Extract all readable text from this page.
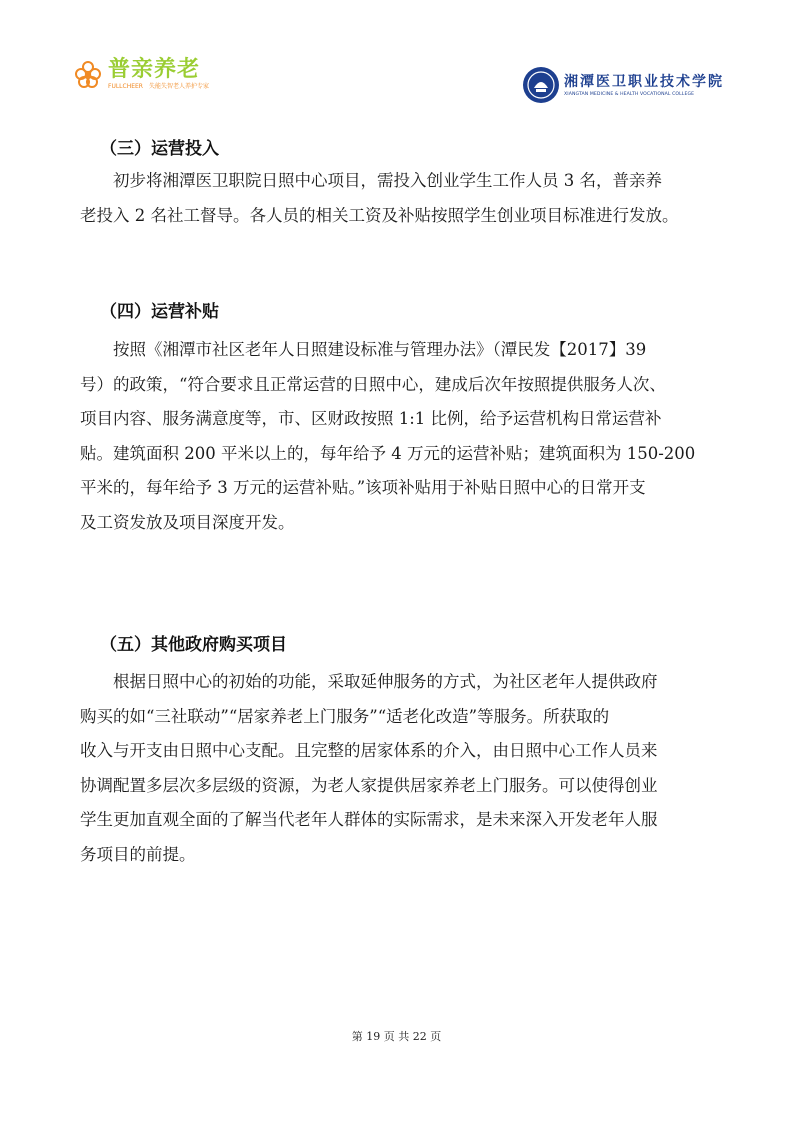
普亲养老
FULLCHEER 失能失智老人养护专家	湘潭医卫职业技术学院
XIANGTAN MEDICINE & HEALTH VOCATIONAL COLLEGE
（三）运营投入
初步将湘潭医卫职院日照中心项目，需投入创业学生工作人员 3 名，普亲养
老投入 2 名社工督导。各人员的相关工资及补贴按照学生创业项目标准进行发放。
（四）运营补贴
按照《湘潭市社区老年人日照建设标准与管理办法》（潭民发【2017】39
号）的政策，“符合要求且正常运营的日照中心，建成后次年按照提供服务人次、
项目内容、服务满意度等，市、区财政按照 1:1 比例，给予运营机构日常运营补
贴。建筑面积 200 平米以上的，每年给予 4 万元的运营补贴；建筑面积为 150-200
平米的，每年给予 3 万元的运营补贴。”该项补贴用于补贴日照中心的日常开支
及工资发放及项目深度开发。
（五）其他政府购买项目
根据日照中心的初始的功能，采取延伸服务的方式，为社区老年人提供政府
购买的如“三社联动”“居家养老上门服务”“适老化改造”等服务。所获取的
收入与开支由日照中心支配。且完整的居家体系的介入，由日照中心工作人员来
协调配置多层次多层级的资源，为老人家提供居家养老上门服务。可以使得创业
学生更加直观全面的了解当代老年人群体的实际需求，是未来深入开发老年人服
务项目的前提。
第 19 页 共 22 页
